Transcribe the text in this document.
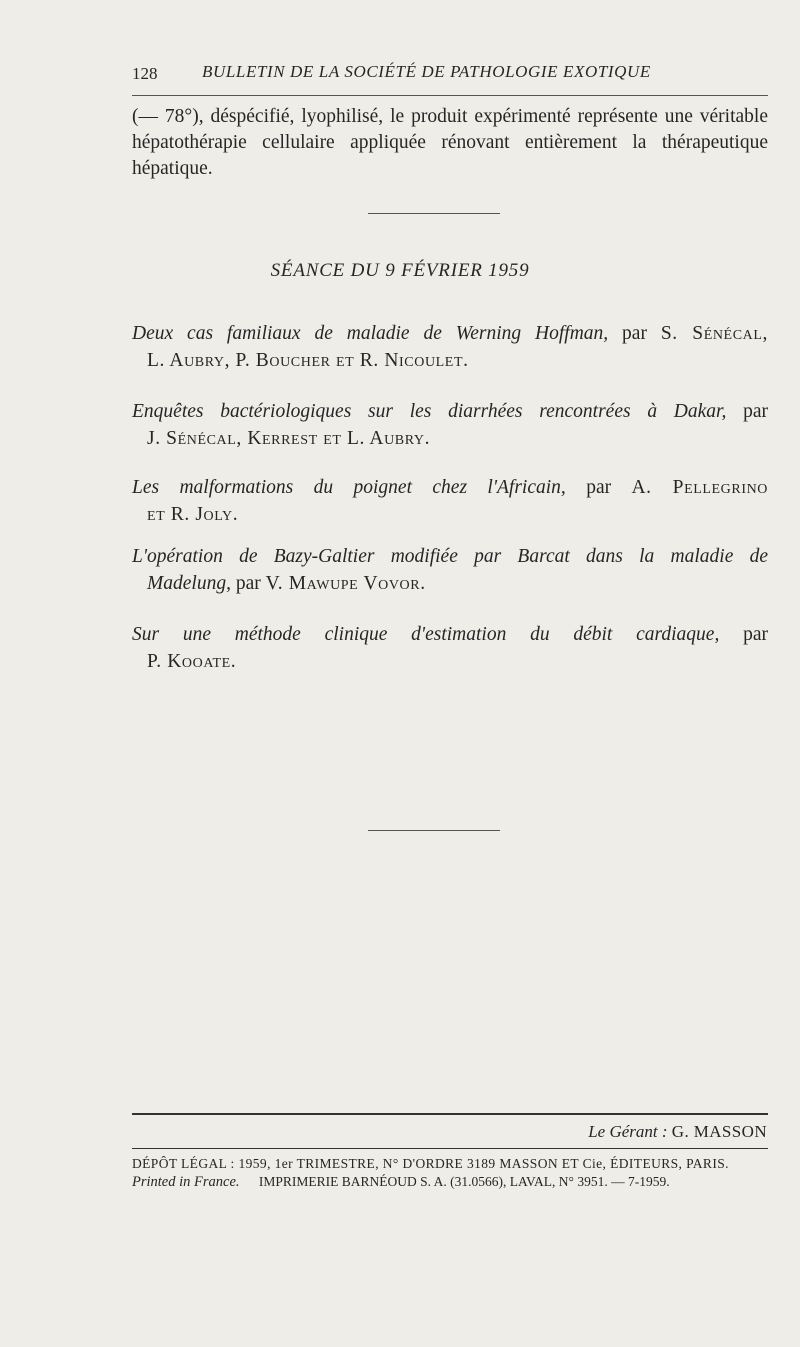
128	BULLETIN DE LA SOCIÉTÉ DE PATHOLOGIE EXOTIQUE

(— 78°), déspécifié, lyophilisé, le produit expérimenté représente une véritable hépatothérapie cellulaire appliquée rénovant entièrement la thérapeutique hépatique.

SÉANCE DU 9 FÉVRIER 1959
Deux cas familiaux de maladie de Werning Hoffman, par S. Sénécal,
L. Aubry, P. Boucher et R. Nicoulet.
Enquêtes bactériologiques sur les diarrhées rencontrées à Dakar, par
J. Sénécal, Kerrest et L. Aubry.
Les malformations du poignet chez l'Africain, par A. Pellegrino
et R. Joly.
L'opération de Bazy-Galtier modifiée par Barcat dans la maladie de
Madelung, par V. Mawupe Vovor.
Sur une méthode clinique d'estimation du débit cardiaque, par
P. Kooate.
Le Gérant : G. MASSON
DÉPÔT LÉGAL : 1959, 1er TRIMESTRE, N° D'ORDRE 3189 MASSON ET Cie, ÉDITEURS, PARIS.
Printed in France. IMPRIMERIE BARNÉOUD S. A. (31.0566), LAVAL, N° 3951. — 7-1959.
